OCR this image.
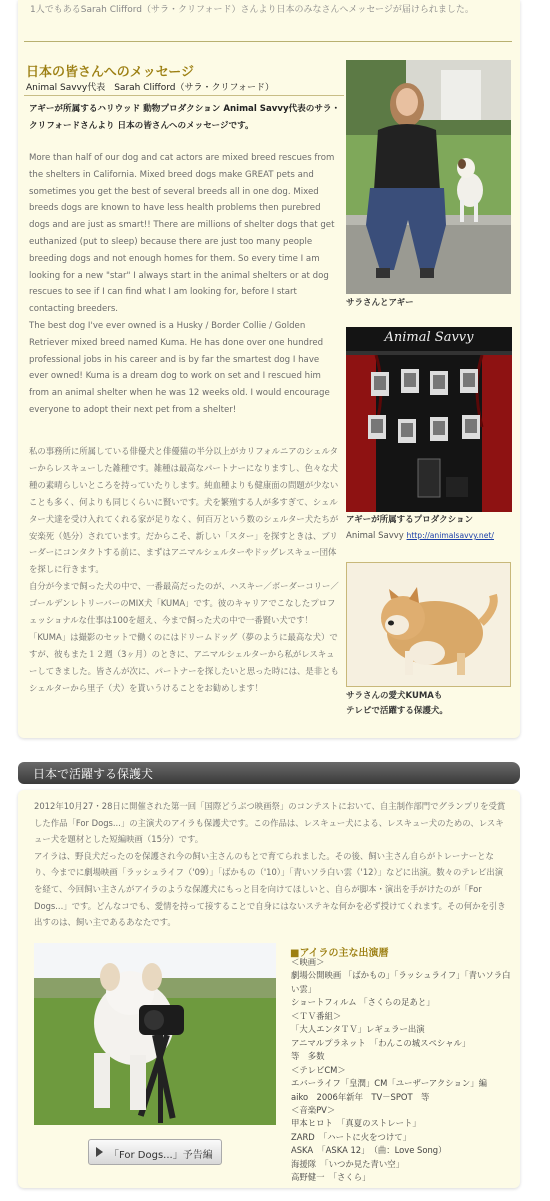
1人でもあるSarah Clifford（サラ・クリフォード）さんより日本のみなさんへメッセージが届けられました。
日本の皆さんへのメッセージ
Animal Savvy代表　Sarah Clifford（サラ・クリフォード）
アギーが所属するハリウッド 動物プロダクション Animal Savvy代表のサラ・クリフォードさんより 日本の皆さんへのメッセージです。

More than half of our dog and cat actors are mixed breed rescues from the shelters in California. Mixed breed dogs make GREAT pets and sometimes you get the best of several breeds all in one dog. Mixed breeds dogs are known to have less health problems then purebred dogs and are just as smart!! There are millions of shelter dogs that get euthanized (put to sleep) because there are just too many people breeding dogs and not enough homes for them. So every time I am looking for a new "star" I always start in the animal shelters or at dog rescues to see if I can find what I am looking for, before I start contacting breeders.

The best dog I've ever owned is a Husky / Border Collie / Golden Retriever mixed breed named Kuma. He has done over one hundred professional jobs in his career and is by far the smartest dog I have ever owned! Kuma is a dream dog to work on set and I rescued him from an animal shelter when he was 12 weeks old. I would encourage everyone to adopt their next pet from a shelter!

私の事務所に所属している俳優犬と俳優猫の半分以上がカリフォルニアのシェルターからレスキューした雑種です。雑種は最高なパートナーになりますし、色々な犬種の素晴らしいところを持っていたりします。純血種よりも健康面の問題が少ないことも多く、何よりも同じくらいに賢いです。犬を繁殖する人が多すぎて、シェルター犬達を受け入れてくれる家が足りなく、何百万という数のシェルター犬たちが安楽死（処分）されています。だからこそ、新しい「スター」を探すときは、ブリーダーにコンタクトする前に、まずはアニマルシェルターやドッグレスキュー団体を探しに行きます。

自分が今まで飼った犬の中で、一番最高だったのが、ハスキー／ボーダーコリー／ゴールデンレトリーバーのMIX犬「KUMA」です。彼のキャリアでこなしたプロフェッショナルな仕事は100を超え、今まで飼った犬の中で一番賢い犬です！「KUMA」は撮影のセットで働くのにはドリームドッグ（夢のように最高な犬）ですが、彼もまた１２週（3ヶ月）のときに、アニマルシェルターから私がレスキューしてきました。皆さんが次に、パートナーを探したいと思った時には、是非ともシェルターから里子（犬）を貰いうけることをお勧めします！

サラさんとアギー
Animal Savvy
アギーが所属するプロダクション
Animal Savvy http://animalsavvy.net/
サラさんの愛犬KUMAも
テレビで活躍する保護犬。
日本で活躍する保護犬

2012年10月27・28日に開催された第一回「国際どうぶつ映画祭」のコンテストにおいて、自主制作部門でグランプリを受賞した作品「For Dogs...」の主演犬のアイラも保護犬です。この作品は、レスキュー犬による、レスキュー犬のための、レスキュー犬を題材とした短編映画（15分）です。

アイラは、野良犬だったのを保護され今の飼い主さんのもとで育てられました。その後、飼い主さん自らがトレーナーとなり、今までに劇場映画「ラッシュライフ（'09）」「ばかもの（'10）」「青いソラ白い雲（'12）」などに出演。数々のテレビ出演を経て、今回飼い主さんがアイラのような保護犬にもっと目を向けてほしいと、自らが脚本・演出を手がけたのが「For Dogs...」です。どんなコでも、愛情を持って接することで自身にはないステキな何かを必ず授けてくれます。その何かを引き出すのは、飼い主であるあなたです。

「For Dogs...」予告編
■アイラの主な出演暦
＜映画＞
劇場公開映画 「ばかもの」「ラッシュライフ」「青いソラ白い雲」
ショートフィルム 「さくらの足あと」
＜ＴＶ番組＞
「大人エンタＴＶ」レギュラー出演
アニマルプラネット　「わんこの城スペシャル」
等　多数
＜テレビCM＞
エバーライフ「皇潤」CM「ユーザーアクション」編
aiko　2006年新年　TV－SPOT　等
＜音楽PV＞
甲本ヒロト　「真夏のストレート」
ZARD　「ハートに火をつけて」
ASKA　「ASKA 12」　（曲：Love Song）
海援隊　「いつか見た青い空」
高野健一　「さくら」
